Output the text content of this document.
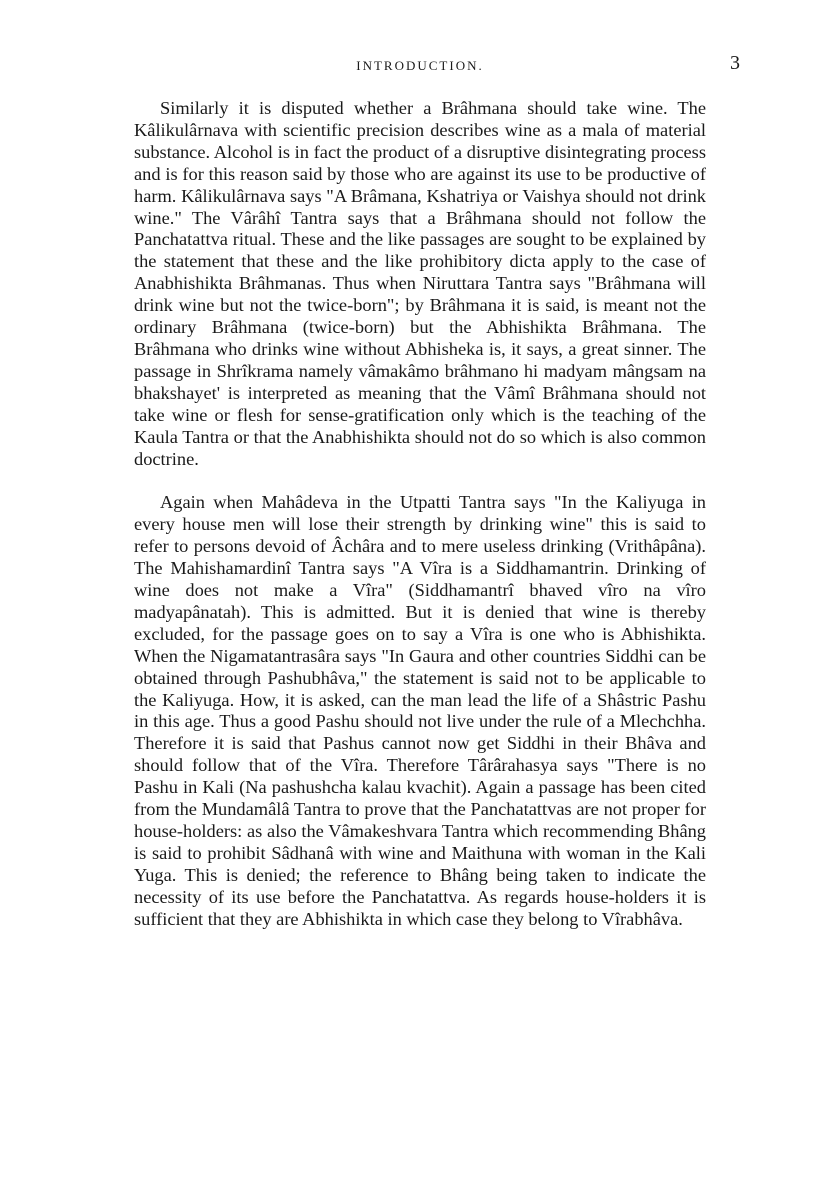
INTRODUCTION.	3

Similarly it is disputed whether a Brâhmana should take wine. The Kâlikulârnava with scientific precision describes wine as a mala of material substance. Alcohol is in fact the product of a disruptive disintegrating process and is for this reason said by those who are against its use to be productive of harm. Kâlikulârnava says "A Brâmana, Kshatriya or Vaishya should not drink wine." The Vârâhî Tantra says that a Brâhmana should not follow the Panchatattva ritual. These and the like passages are sought to be explained by the statement that these and the like prohibitory dicta apply to the case of Anabhishikta Brâhmanas. Thus when Niruttara Tantra says "Brâhmana will drink wine but not the twice-born"; by Brâhmana it is said, is meant not the ordinary Brâhmana (twice-born) but the Abhishikta Brâhmana. The Brâhmana who drinks wine without Abhisheka is, it says, a great sinner. The passage in Shrîkrama namely vâmakâmo brâhmano hi madyam mângsam na bhakshayet' is interpreted as meaning that the Vâmî Brâhmana should not take wine or flesh for sense-gratification only which is the teaching of the Kaula Tantra or that the Anabhishikta should not do so which is also common doctrine.

Again when Mahâdeva in the Utpatti Tantra says "In the Kaliyuga in every house men will lose their strength by drinking wine" this is said to refer to persons devoid of Âchâra and to mere useless drinking (Vrithâpâna). The Mahishamardinî Tantra says "A Vîra is a Siddhamantrin. Drinking of wine does not make a Vîra" (Siddhamantrî bhaved vîro na vîro madyapânatah). This is admitted. But it is denied that wine is thereby excluded, for the passage goes on to say a Vîra is one who is Abhishikta. When the Nigamatantrasâra says "In Gaura and other countries Siddhi can be obtained through Pashubhâva," the statement is said not to be applicable to the Kaliyuga. How, it is asked, can the man lead the life of a Shâstric Pashu in this age. Thus a good Pashu should not live under the rule of a Mlechchha. Therefore it is said that Pashus cannot now get Siddhi in their Bhâva and should follow that of the Vîra. Therefore Târârahasya says "There is no Pashu in Kali (Na pashushcha kalau kvachit). Again a passage has been cited from the Mundamâlâ Tantra to prove that the Panchatattvas are not proper for house-holders: as also the Vâmakeshvara Tantra which recommending Bhâng is said to prohibit Sâdhanâ with wine and Maithuna with woman in the Kali Yuga. This is denied; the reference to Bhâng being taken to indicate the necessity of its use before the Panchatattva. As regards house-holders it is sufficient that they are Abhishikta in which case they belong to Vîrabhâva.
